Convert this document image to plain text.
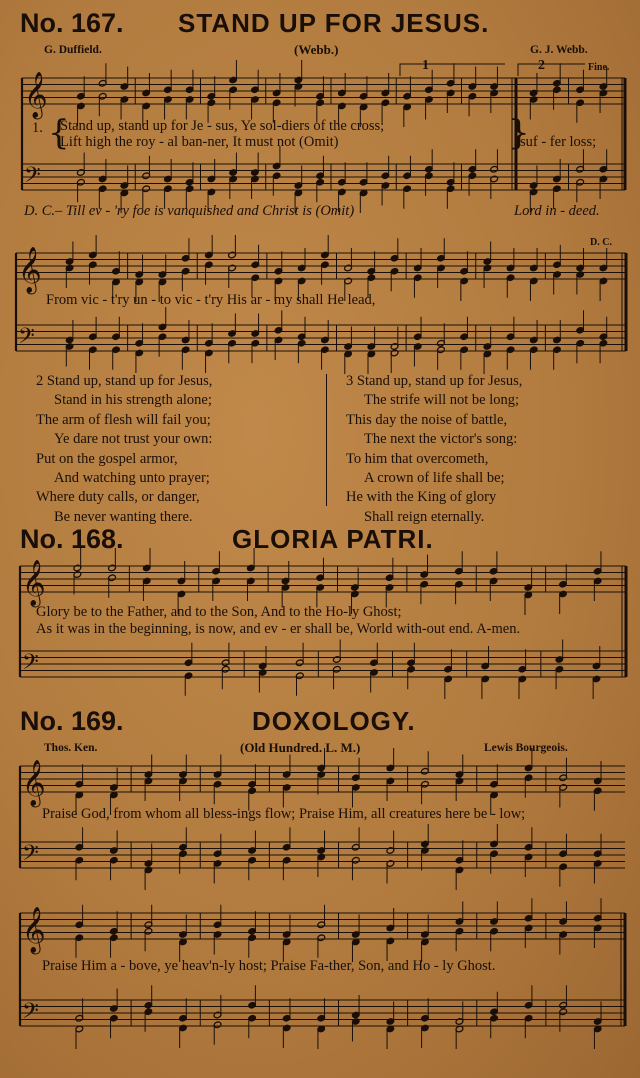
No. 167. STAND UP FOR JESUS.
G. Duffield.	(Webb.)	G. J. Webb.
1	2	Fine.
D. C.
𝄞
𝄢
𝄞
𝄢
𝄞
𝄢
𝄞
𝄢
𝄞
𝄢
1. {
Stand up, stand up for Je - sus, Ye sol-diers of the cross;	}
suf - fer loss;
Lift high the roy - al ban-ner, It must not (Omit)
D. C.– Till ev - 'ry foe is vanquished and Christ is (Omit)	Lord in - deed.
From vic - t'ry un - to vic - t'ry His ar - my shall He lead,
2 Stand up, stand up for Jesus,
Stand in his strength alone;
The arm of flesh will fail you;
Ye dare not trust your own:
Put on the gospel armor,
And watching unto prayer;
Where duty calls, or danger,
Be never wanting there.
3 Stand up, stand up for Jesus,
The strife will not be long;
This day the noise of battle,
The next the victor's song:
To him that overcometh,
A crown of life shall be;
He with the King of glory
Shall reign eternally.
No. 168.	GLORIA PATRI.
Glory be to the Father, and to the Son, And to the Ho-ly Ghost;
As it was in the beginning, is now, and ev - er shall be, World with-out end. A-men.
No. 169.	DOXOLOGY.
Thos. Ken.	(Old Hundred. L. M.)	Lewis Bourgeois.
Praise God, from whom all bless-ings flow; Praise Him, all creatures here be - low;
Praise Him a - bove, ye heav'n-ly host; Praise Fa-ther, Son, and Ho - ly Ghost.
